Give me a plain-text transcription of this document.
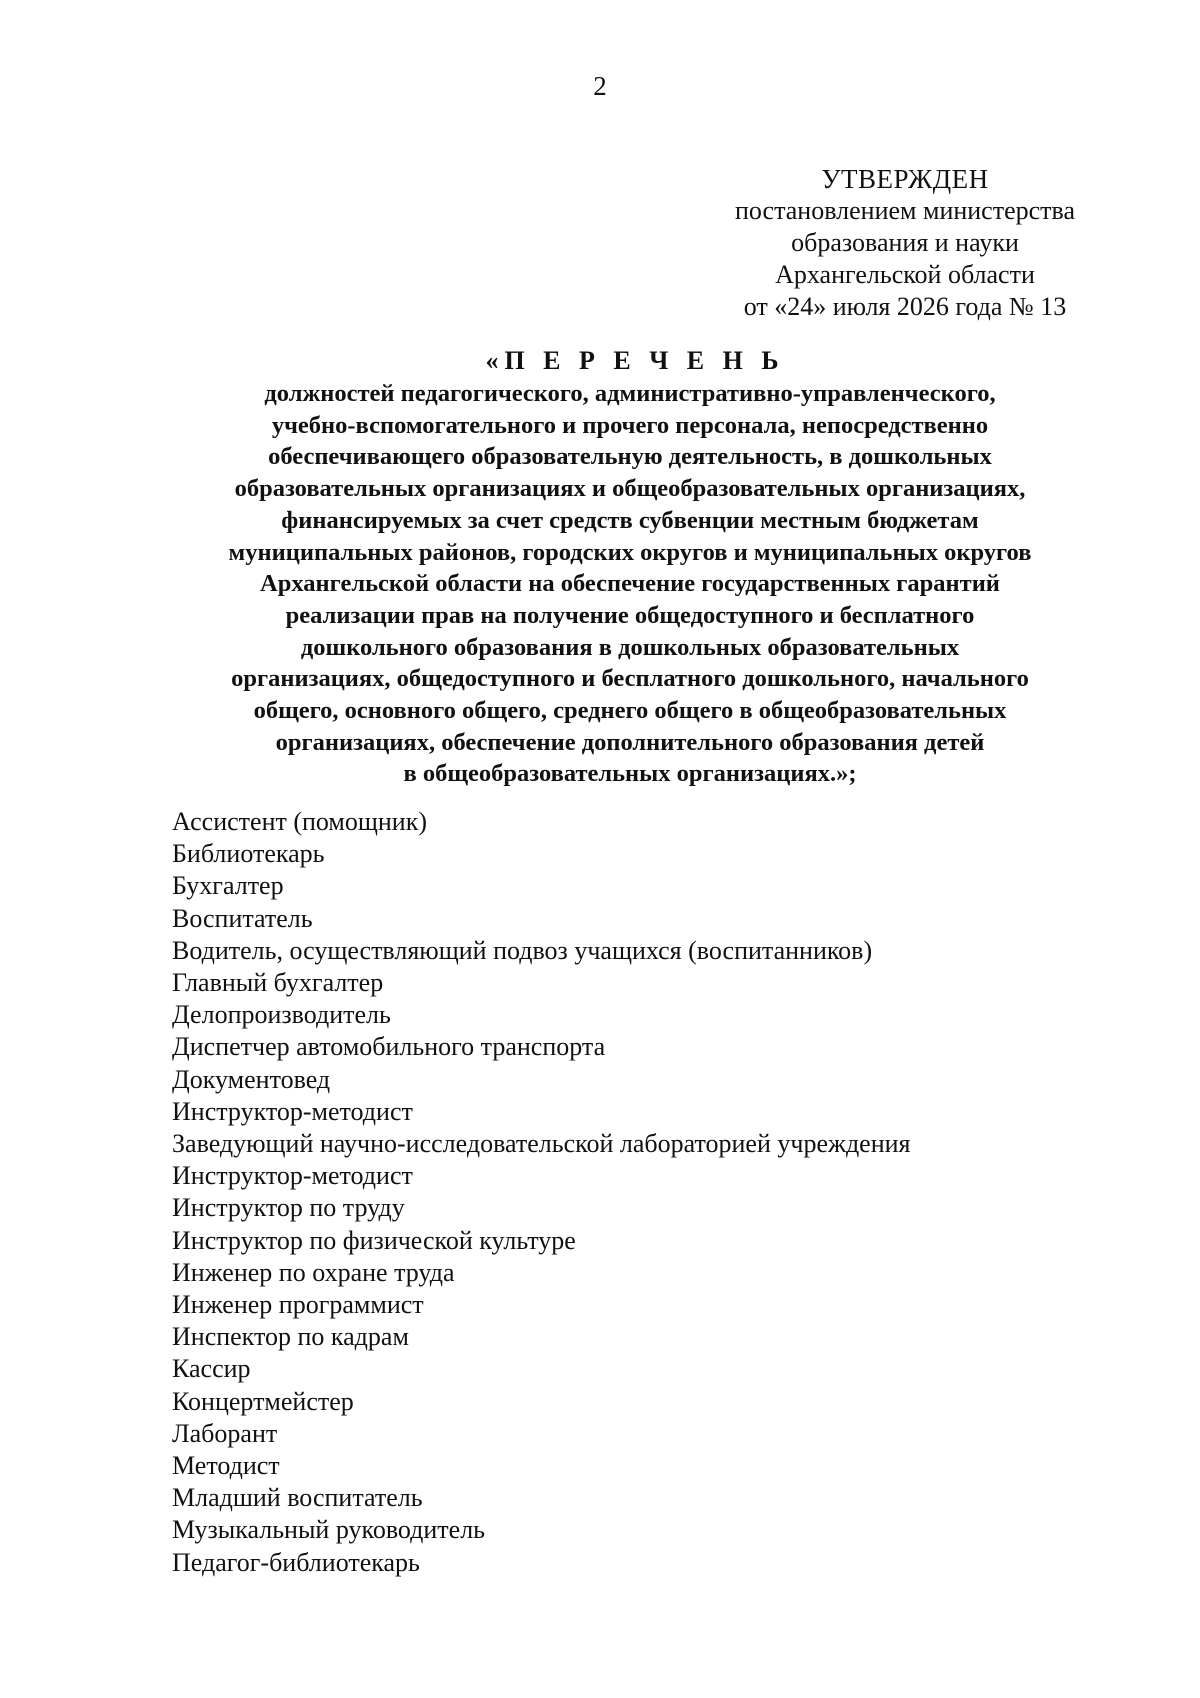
2
УТВЕРЖДЕН
постановлением министерства
образования и науки
Архангельской области
от «24» июля 2026 года № 13
«П Е Р Е Ч Е Н Ь
должностей педагогического, административно-управленческого,
учебно-вспомогательного и прочего персонала, непосредственно
обеспечивающего образовательную деятельность, в дошкольных
образовательных организациях и общеобразовательных организациях,
финансируемых за счет средств субвенции местным бюджетам
муниципальных районов, городских округов и муниципальных округов
Архангельской области на обеспечение государственных гарантий
реализации прав на получение общедоступного и бесплатного
дошкольного образования в дошкольных образовательных
организациях, общедоступного и бесплатного дошкольного, начального
общего, основного общего, среднего общего в общеобразовательных
организациях, обеспечение дополнительного образования детей
в общеобразовательных организациях.»;
Ассистент (помощник)
Библиотекарь
Бухгалтер
Воспитатель
Водитель, осуществляющий подвоз учащихся (воспитанников)
Главный бухгалтер
Делопроизводитель
Диспетчер автомобильного транспорта
Документовед
Инструктор-методист
Заведующий научно-исследовательской лабораторией учреждения
Инструктор-методист
Инструктор по труду
Инструктор по физической культуре
Инженер по охране труда
Инженер программист
Инспектор по кадрам
Кассир
Концертмейстер
Лаборант
Методист
Младший воспитатель
Музыкальный руководитель
Педагог-библиотекарь
